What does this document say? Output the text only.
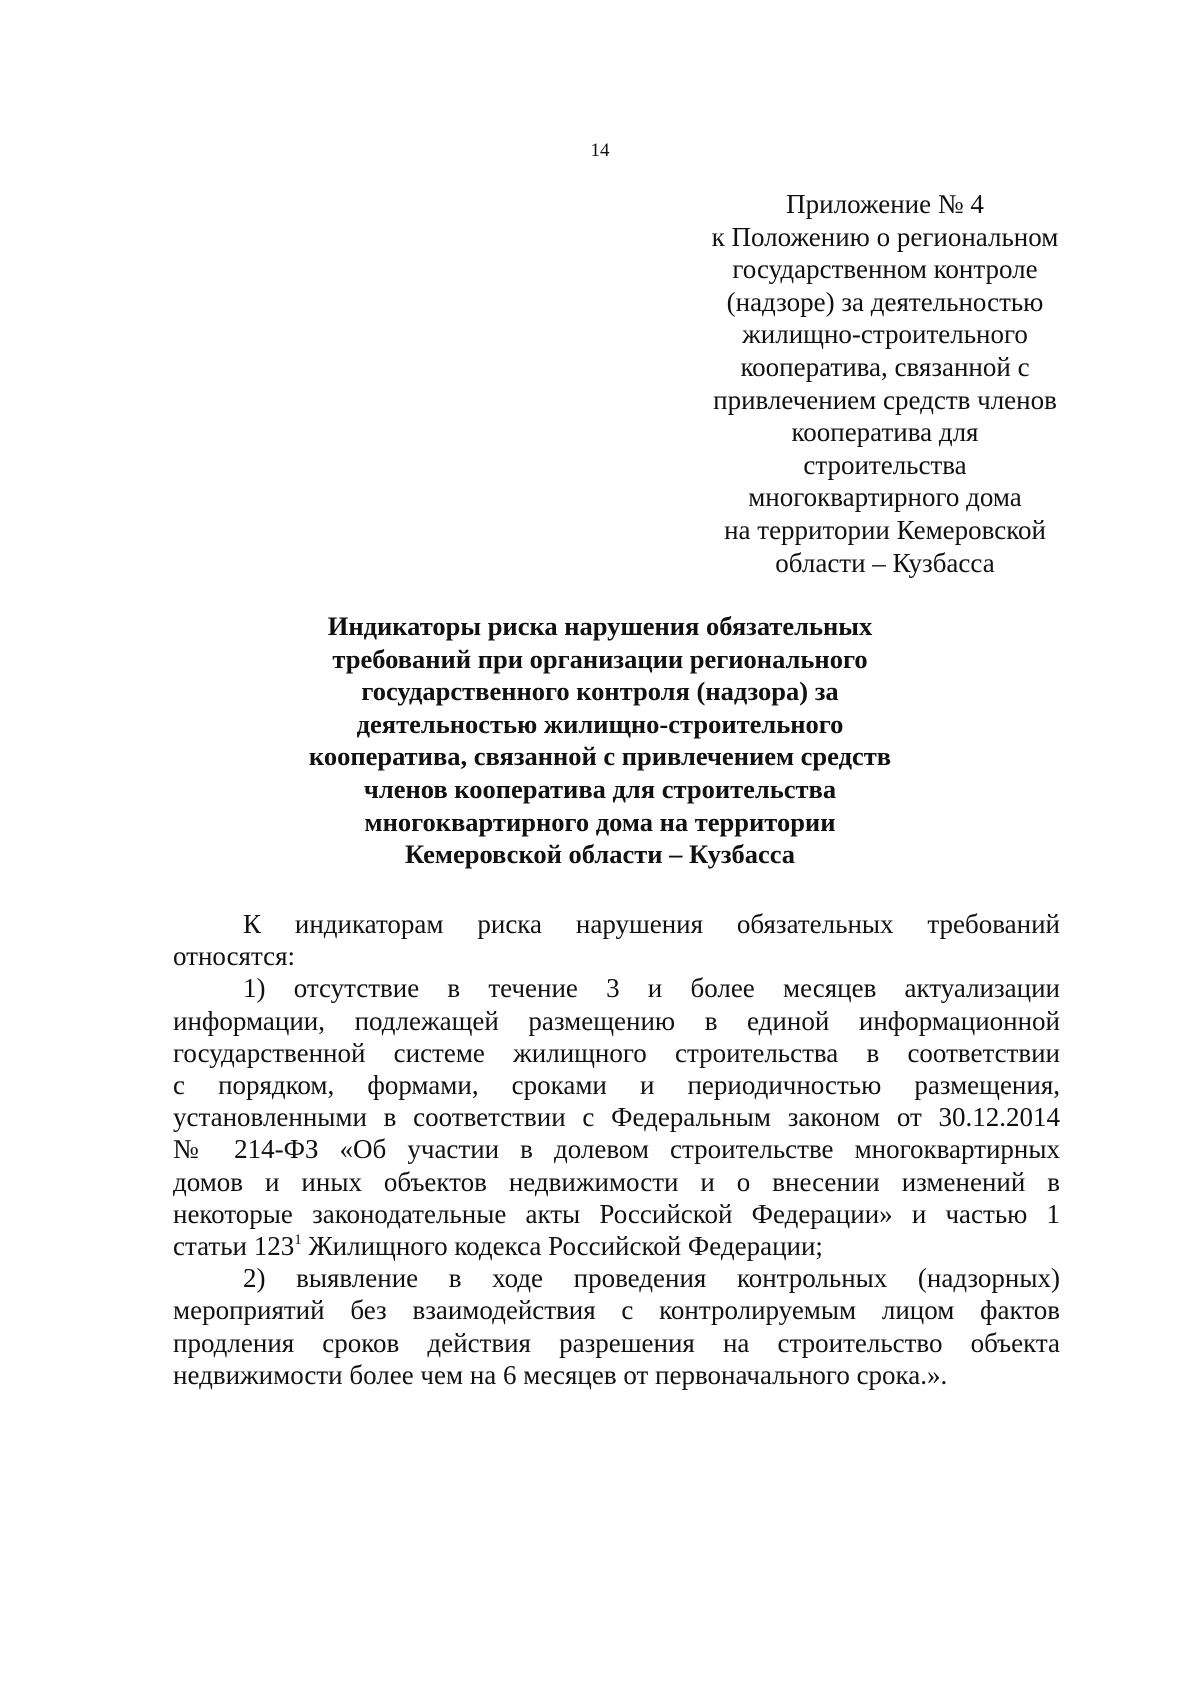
14
Приложение № 4
к Положению о региональном
государственном контроле
(надзоре) за деятельностью
жилищно-строительного
кооператива, связанной с
привлечением средств членов
кооператива для
строительства
многоквартирного дома
на территории Кемеровской
области – Кузбасса
Индикаторы риска нарушения обязательных
требований при организации регионального
государственного контроля (надзора) за
деятельностью жилищно-строительного
кооператива, связанной с привлечением средств
членов кооператива для строительства
многоквартирного дома на территории
Кемеровской области – Кузбасса
К индикаторам риска нарушения обязательных требований
относятся:
1) отсутствие в течение 3 и более месяцев актуализации
информации, подлежащей размещению в единой информационной
государственной системе жилищного строительства в соответствии
с порядком, формами, сроками и периодичностью размещения,
установленными в соответствии с Федеральным законом от 30.12.2014
№ 214-ФЗ «Об участии в долевом строительстве многоквартирных
домов и иных объектов недвижимости и о внесении изменений в
некоторые законодательные акты Российской Федерации» и частью 1
статьи $123^1$ Жилищного кодекса Российской Федерации;
2) выявление в ходе проведения контрольных (надзорных)
мероприятий без взаимодействия с контролируемым лицом фактов
продления сроков действия разрешения на строительство объекта
недвижимости более чем на 6 месяцев от первоначального срока.».
